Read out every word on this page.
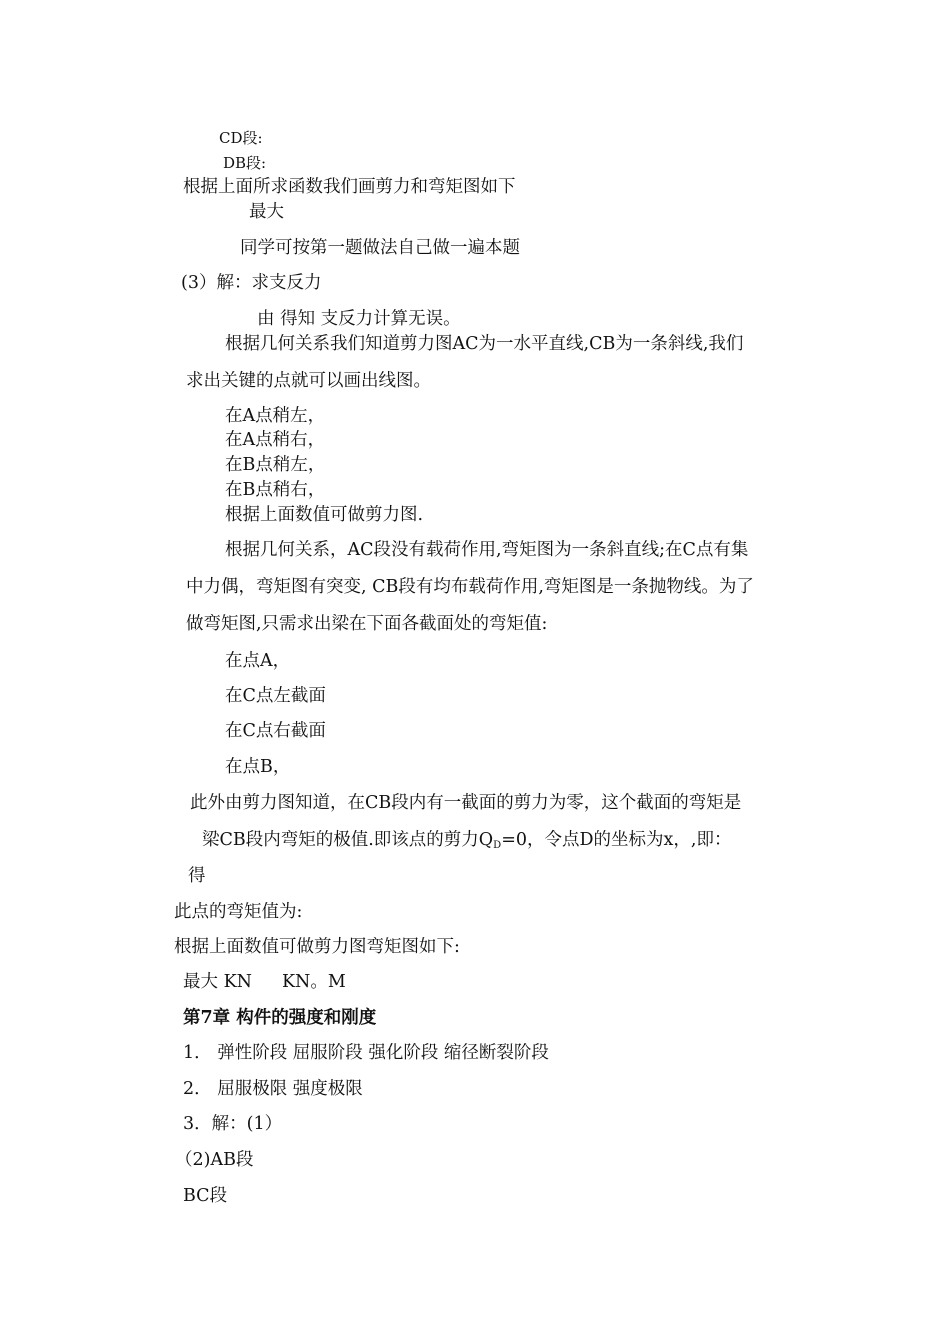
CD段:
DB段:
根据上面所求函数我们画剪力和弯矩图如下
最大
同学可按第一题做法自己做一遍本题
(3）解：求支反力
由 得知 支反力计算无误。
根据几何关系我们知道剪力图AC为一水平直线,CB为一条斜线,我们
求出关键的点就可以画出线图。
在A点稍左，
在A点稍右，
在B点稍左，
在B点稍右，
根据上面数值可做剪力图.
根据几何关系，AC段没有载荷作用,弯矩图为一条斜直线;在C点有集
中力偶，弯矩图有突变, CB段有均布载荷作用,弯矩图是一条抛物线。为了
做弯矩图,只需求出梁在下面各截面处的弯矩值:
在点A，
在C点左截面
在C点右截面
在点B，
此外由剪力图知道，在CB段内有一截面的剪力为零，这个截面的弯矩是
梁CB段内弯矩的极值.即该点的剪力$Q_D=0$，令点D的坐标为x，,即：
得
此点的弯矩值为:
根据上面数值可做剪力图弯矩图如下:
最大 KN KN。M
第7章 构件的强度和刚度
1． 弹性阶段 屈服阶段 强化阶段 缩径断裂阶段
2． 屈服极限 强度极限
3．解：(1）
（2)AB段
BC段
